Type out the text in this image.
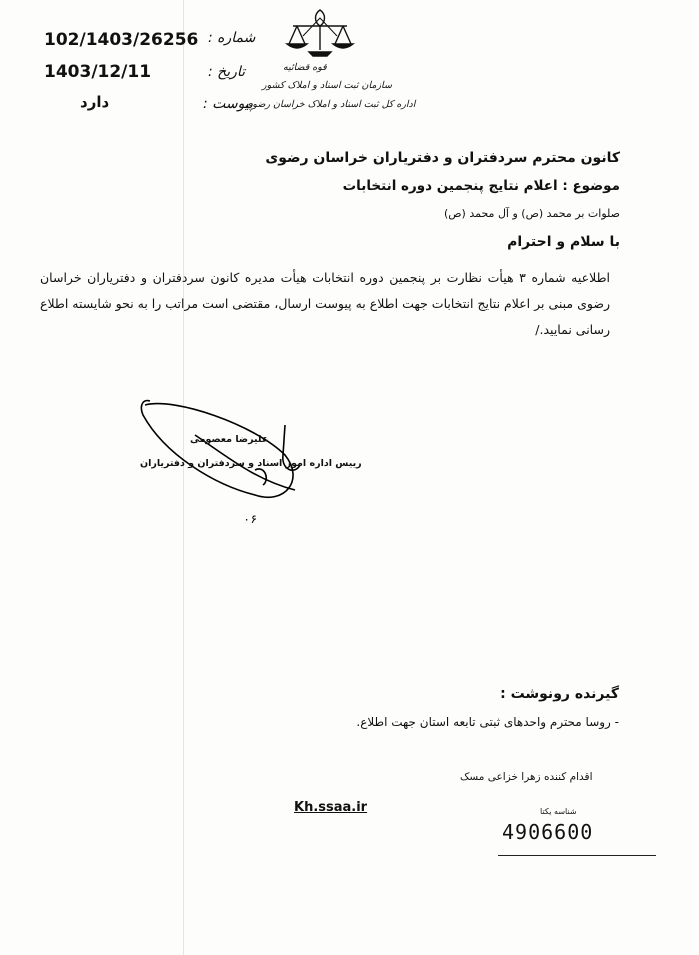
102/1403/26256
1403/12/11
دارد
شماره :
تاریخ :
پیوست :
قوه قضائیه
سازمان ثبت اسناد و املاک کشور
اداره کل ثبت اسناد و املاک خراسان رضوی
کانون محترم سردفتران و دفتریاران خراسان رضوی
موضوع : اعلام نتایج پنجمین دوره انتخابات
صلوات بر محمد (ص) و آل محمد (ص)
با سلام و احترام
اطلاعیه شماره ۳ هیأت نظارت بر پنجمین دوره انتخابات هیأت مدیره کانون سردفتران و دفتریاران خراسان رضوی مبنی بر اعلام نتایج انتخابات جهت اطلاع به پیوست ارسال، مقتضی است مراتب را به نحو شایسته اطلاع رسانی نمایید./
۰۶
علیرضا معصومی
رییس اداره امور اسناد و سردفتران و دفتریاران
گیرنده رونوشت :
- روسا محترم واحدهای ثبتی تابعه استان جهت اطلاع.
اقدام کننده زهرا خزاعی مسک
Kh.ssaa.ir	شناسه یکتا
4906600
